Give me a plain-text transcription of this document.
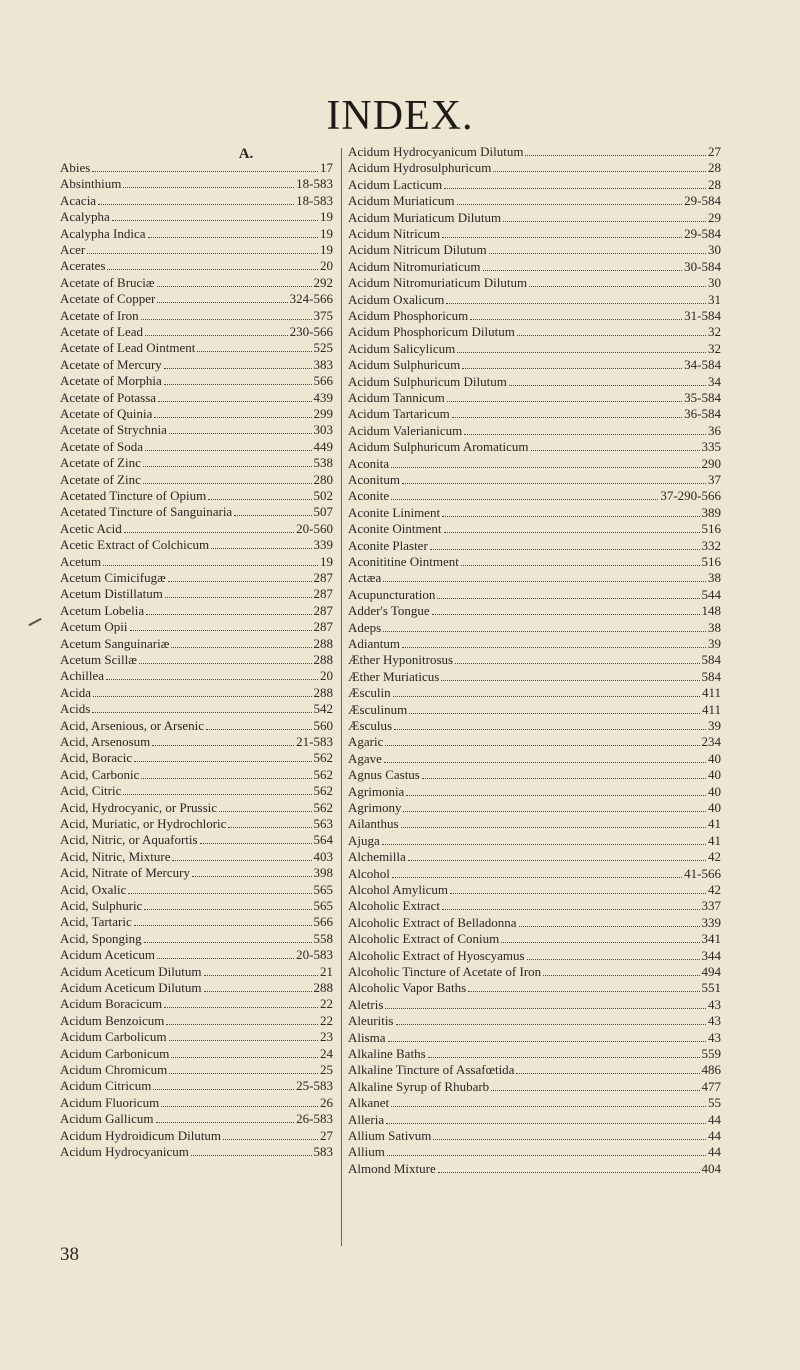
INDEX.
A.
Abies	17
Absinthium	18-583
Acacia	18-583
Acalypha	19
Acalypha Indica	19
Acer	19
Acerates	20
Acetate of Bruciæ	292
Acetate of Copper	324-566
Acetate of Iron	375
Acetate of Lead	230-566
Acetate of Lead Ointment	525
Acetate of Mercury	383
Acetate of Morphia	566
Acetate of Potassa	439
Acetate of Quinia	299
Acetate of Strychnia	303
Acetate of Soda	449
Acetate of Zinc	538
Acetate of Zinc	280
Acetated Tincture of Opium	502
Acetated Tincture of Sanguinaria	507
Acetic Acid	20-560
Acetic Extract of Colchicum	339
Acetum	19
Acetum Cimicifugæ	287
Acetum Distillatum	287
Acetum Lobelia	287
Acetum Opii	287
Acetum Sanguinariæ	288
Acetum Scillæ	288
Achillea	20
Acida	288
Acids	542
Acid, Arsenious, or Arsenic	560
Acid, Arsenosum	21-583
Acid, Boracic	562
Acid, Carbonic	562
Acid, Citric	562
Acid, Hydrocyanic, or Prussic	562
Acid, Muriatic, or Hydrochloric	563
Acid, Nitric, or Aquafortis	564
Acid, Nitric, Mixture	403
Acid, Nitrate of Mercury	398
Acid, Oxalic	565
Acid, Sulphuric	565
Acid, Tartaric	566
Acid, Sponging	558
Acidum Aceticum	20-583
Acidum Aceticum Dilutum	21
Acidum Aceticum Dilutum	288
Acidum Boracicum	22
Acidum Benzoicum	22
Acidum Carbolicum	23
Acidum Carbonicum	24
Acidum Chromicum	25
Acidum Citricum	25-583
Acidum Fluoricum	26
Acidum Gallicum	26-583
Acidum Hydroidicum Dilutum	27
Acidum Hydrocyanicum	583
Acidum Hydrocyanicum Dilutum	27
Acidum Hydrosulphuricum	28
Acidum Lacticum	28
Acidum Muriaticum	29-584
Acidum Muriaticum Dilutum	29
Acidum Nitricum	29-584
Acidum Nitricum Dilutum	30
Acidum Nitromuriaticum	30-584
Acidum Nitromuriaticum Dilutum	30
Acidum Oxalicum	31
Acidum Phosphoricum	31-584
Acidum Phosphoricum Dilutum	32
Acidum Salicylicum	32
Acidum Sulphuricum	34-584
Acidum Sulphuricum Dilutum	34
Acidum Tannicum	35-584
Acidum Tartaricum	36-584
Acidum Valerianicum	36
Acidum Sulphuricum Aromaticum	335
Aconita	290
Aconitum	37
Aconite	37-290-566
Aconite Liniment	389
Aconite Ointment	516
Aconite Plaster	332
Aconititine Ointment	516
Actæa	38
Acupuncturation	544
Adder's Tongue	148
Adeps	38
Adiantum	39
Æther Hyponitrosus	584
Æther Muriaticus	584
Æsculin	411
Æsculinum	411
Æsculus	39
Agaric	234
Agave	40
Agnus Castus	40
Agrimonia	40
Agrimony	40
Ailanthus	41
Ajuga	41
Alchemilla	42
Alcohol	41-566
Alcohol Amylicum	42
Alcoholic Extract	337
Alcoholic Extract of Belladonna	339
Alcoholic Extract of Conium	341
Alcoholic Extract of Hyoscyamus	344
Alcoholic Tincture of Acetate of Iron	494
Alcoholic Vapor Baths	551
Aletris	43
Aleuritis	43
Alisma	43
Alkaline Baths	559
Alkaline Tincture of Assafœtida	486
Alkaline Syrup of Rhubarb	477
Alkanet	55
Alleria	44
Allium Sativum	44
Allium	44
Almond Mixture	404
38
